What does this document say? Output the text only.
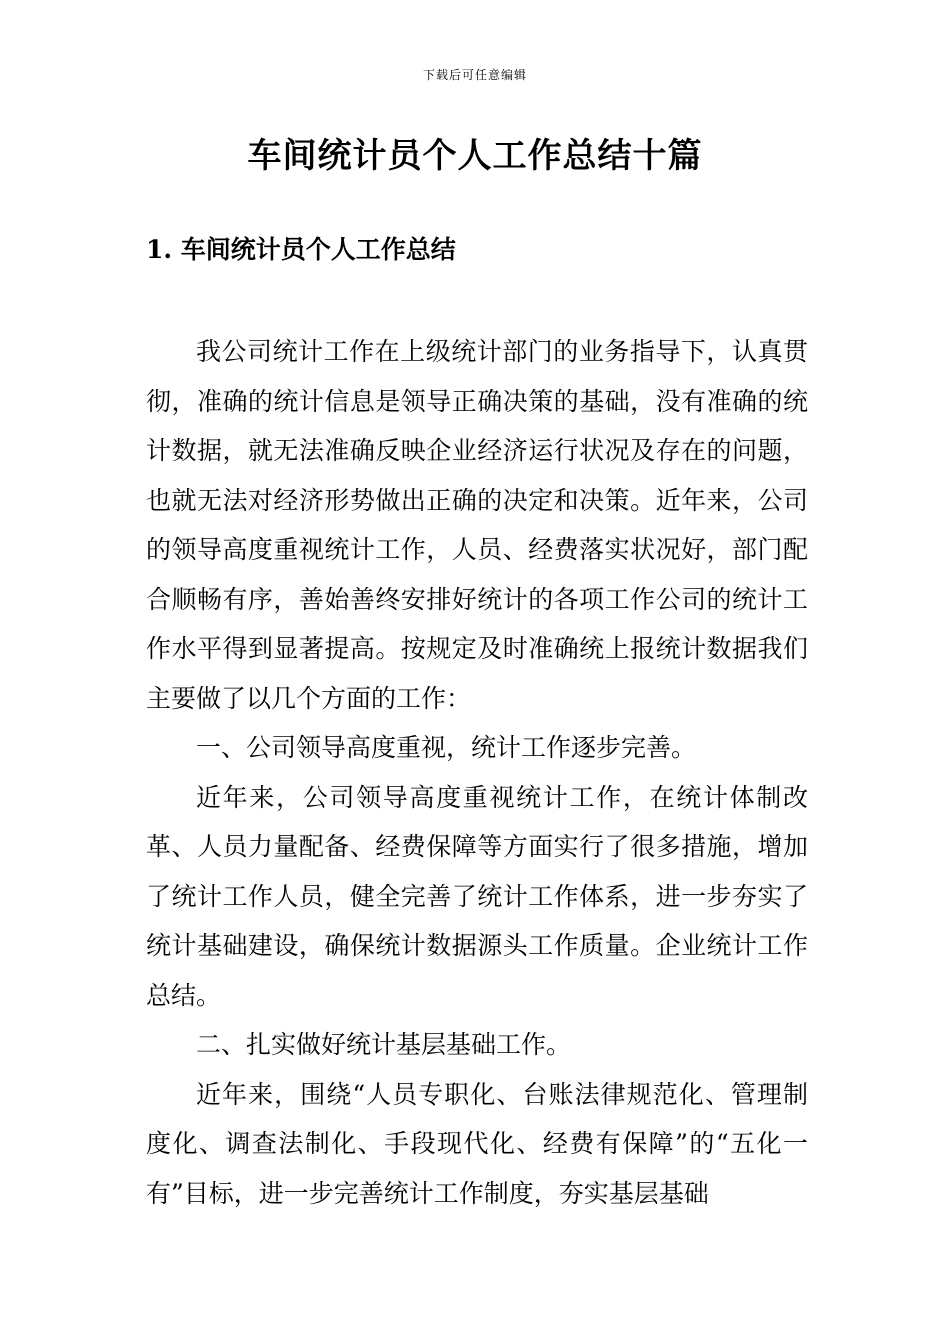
下载后可任意编辑
车间统计员个人工作总结十篇
1. 车间统计员个人工作总结

我公司统计工作在上级统计部门的业务指导下，认真贯彻，准确的统计信息是领导正确决策的基础，没有准确的统计数据，就无法准确反映企业经济运行状况及存在的问题，也就无法对经济形势做出正确的决定和决策。近年来，公司的领导高度重视统计工作，人员、经费落实状况好，部门配合顺畅有序，善始善终安排好统计的各项工作公司的统计工作水平得到显著提高。按规定及时准确统上报统计数据我们主要做了以几个方面的工作：

一、公司领导高度重视，统计工作逐步完善。

近年来，公司领导高度重视统计工作，在统计体制改革、人员力量配备、经费保障等方面实行了很多措施，增加了统计工作人员，健全完善了统计工作体系，进一步夯实了统计基础建设，确保统计数据源头工作质量。企业统计工作总结。

二、扎实做好统计基层基础工作。

近年来，围绕“人员专职化、台账法律规范化、管理制度化、调查法制化、手段现代化、经费有保障”的“五化一有”目标，进一步完善统计工作制度，夯实基层基础
